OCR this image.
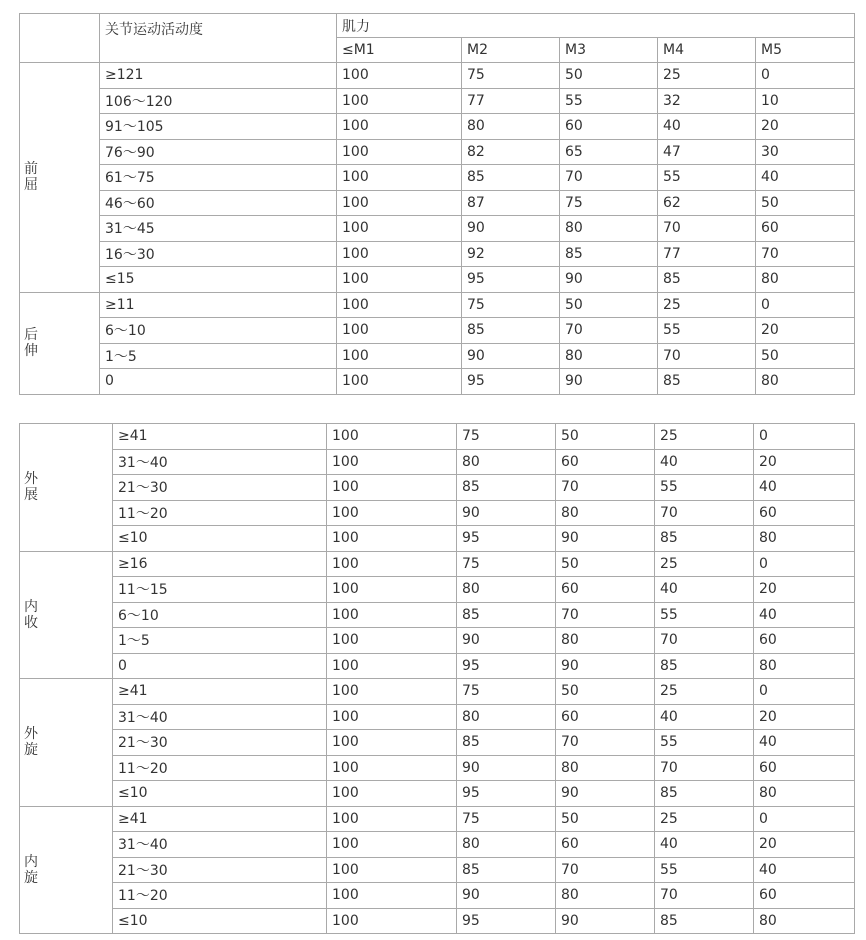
	关节运动活动度	肌力				
		≤M1	M2	M3	M4	M5
前屈	≥121	100	75	50	25	0
	106～120	100	77	55	32	10
	91～105	100	80	60	40	20
	76～90	100	82	65	47	30
	61～75	100	85	70	55	40
	46～60	100	87	75	62	50
	31～45	100	90	80	70	60
	16～30	100	92	85	77	70
	≤15	100	95	90	85	80
后伸	≥11	100	75	50	25	0
	6～10	100	85	70	55	20
	1～5	100	90	80	70	50
	0	100	95	90	85	80
外展	≥41	100	75	50	25	0
	31～40	100	80	60	40	20
	21～30	100	85	70	55	40
	11～20	100	90	80	70	60
	≤10	100	95	90	85	80
内收	≥16	100	75	50	25	0
	11～15	100	80	60	40	20
	6～10	100	85	70	55	40
	1～5	100	90	80	70	60
	0	100	95	90	85	80
外旋	≥41	100	75	50	25	0
	31～40	100	80	60	40	20
	21～30	100	85	70	55	40
	11～20	100	90	80	70	60
	≤10	100	95	90	85	80
内旋	≥41	100	75	50	25	0
	31～40	100	80	60	40	20
	21～30	100	85	70	55	40
	11～20	100	90	80	70	60
	≤10	100	95	90	85	80
